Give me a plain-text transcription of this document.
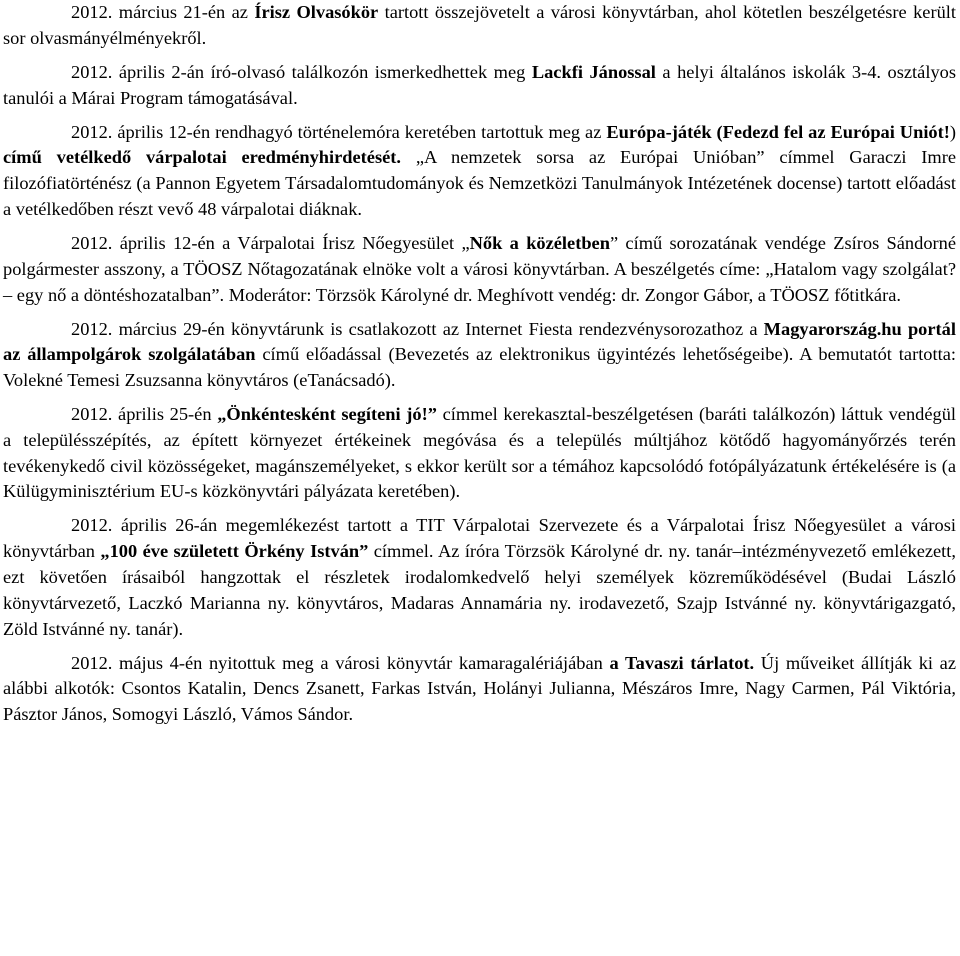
2012. március 21-én az Írisz Olvasókör tartott összejövetelt a városi könyvtárban, ahol kötetlen beszélgetésre került sor olvasmányélményekről.

2012. április 2-án író-olvasó találkozón ismerkedhettek meg Lackfi Jánossal a helyi általános iskolák 3-4. osztályos tanulói a Márai Program támogatásával.

2012. április 12-én rendhagyó történelemóra keretében tartottuk meg az Európa-játék (Fedezd fel az Európai Uniót!) című vetélkedő várpalotai eredményhirdetését. „A nemzetek sorsa az Európai Unióban” címmel Garaczi Imre filozófiatörténész (a Pannon Egyetem Társadalomtudományok és Nemzetközi Tanulmányok Intézetének docense) tartott előadást a vetélkedőben részt vevő 48 várpalotai diáknak.

2012. április 12-én a Várpalotai Írisz Nőegyesület „Nők a közéletben” című sorozatának vendége Zsíros Sándorné polgármester asszony, a TÖOSZ Nőtagozatának elnöke volt a városi könyvtárban. A beszélgetés címe: „Hatalom vagy szolgálat? – egy nő a döntéshozatalban”. Moderátor: Törzsök Károlyné dr. Meghívott vendég: dr. Zongor Gábor, a TÖOSZ főtitkára.

2012. március 29-én könyvtárunk is csatlakozott az Internet Fiesta rendezvénysorozathoz a Magyarország.hu portál az állampolgárok szolgálatában című előadással (Bevezetés az elektronikus ügyintézés lehetőségeibe). A bemutatót tartotta: Volekné Temesi Zsuzsanna könyvtáros (eTanácsadó).

2012. április 25-én „Önkéntesként segíteni jó!” címmel kerekasztal-beszélgetésen (baráti találkozón) láttuk vendégül a településszépítés, az épített környezet értékeinek megóvása és a település múltjához kötődő hagyományőrzés terén tevékenykedő civil közösségeket, magánszemélyeket, s ekkor került sor a témához kapcsolódó fotópályázatunk értékelésére is (a Külügyminisztérium EU-s közkönyvtári pályázata keretében).

2012. április 26-án megemlékezést tartott a TIT Várpalotai Szervezete és a Várpalotai Írisz Nőegyesület a városi könyvtárban „100 éve született Örkény István” címmel. Az íróra Törzsök Károlyné dr. ny. tanár–intézményvezető emlékezett, ezt követően írásaiból hangzottak el részletek irodalomkedvelő helyi személyek közreműködésével (Budai László könyvtárvezető, Laczkó Marianna ny. könyvtáros, Madaras Annamária ny. irodavezető, Szajp Istvánné ny. könyvtárigazgató, Zöld Istvánné ny. tanár).

2012. május 4-én nyitottuk meg a városi könyvtár kamaragalériájában a Tavaszi tárlatot. Új műveiket állítják ki az alábbi alkotók: Csontos Katalin, Dencs Zsanett, Farkas István, Holányi Julianna, Mészáros Imre, Nagy Carmen, Pál Viktória, Pásztor János, Somogyi László, Vámos Sándor.
